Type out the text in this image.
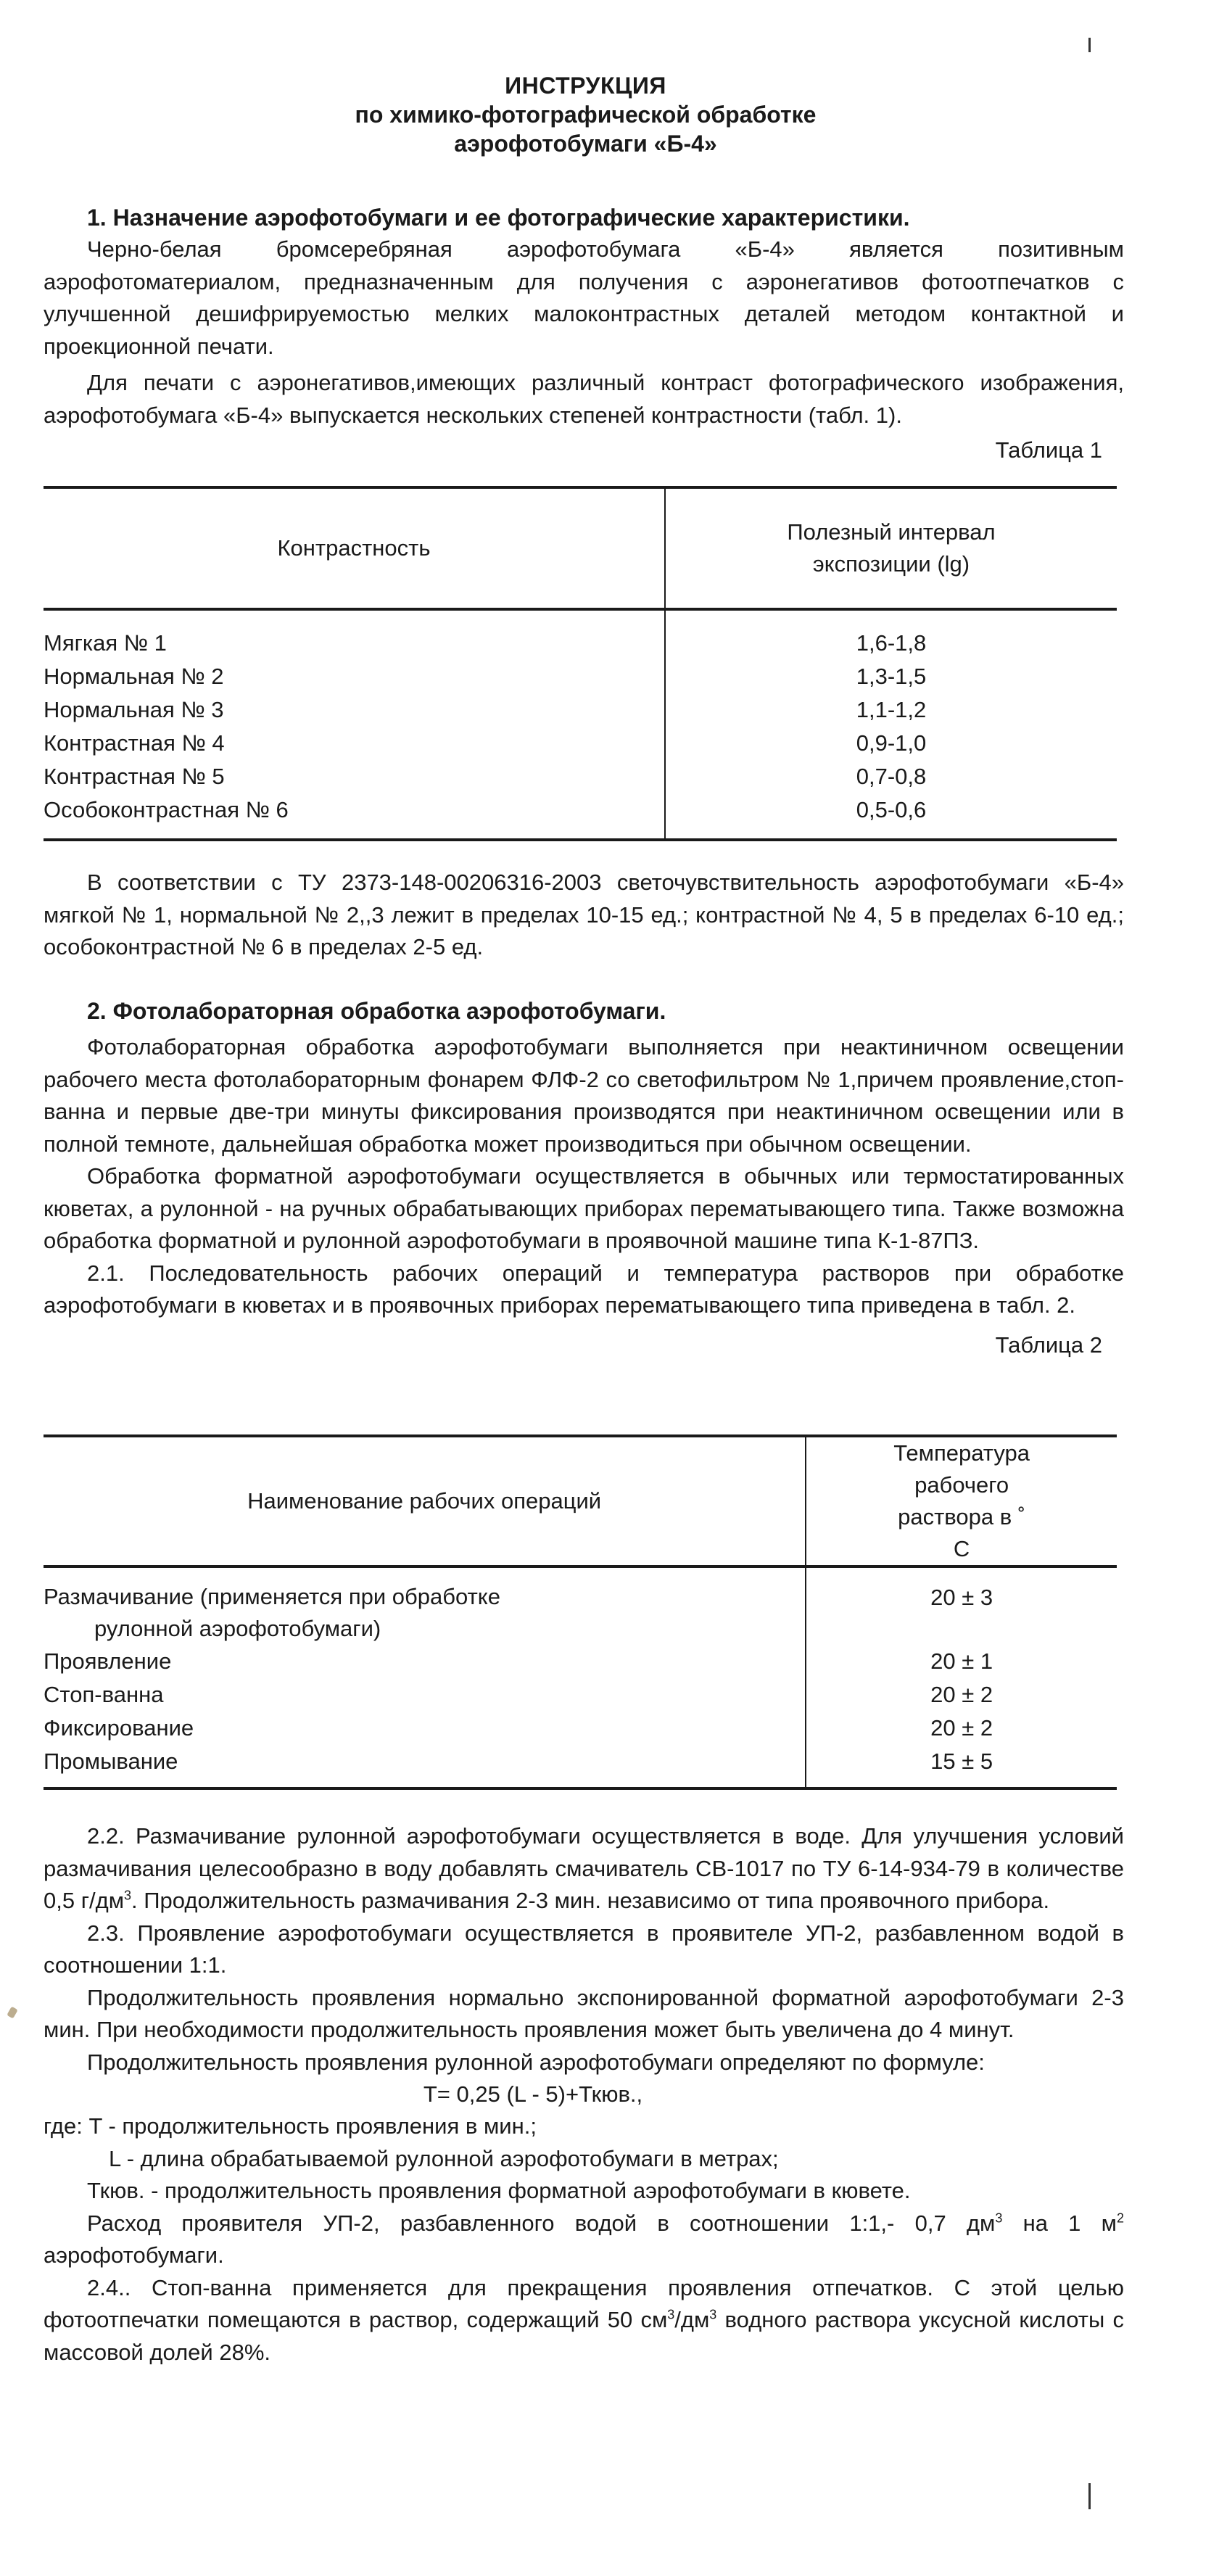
ИНСТРУКЦИЯ
по химико-фотографической обработке
аэрофотобумаги «Б-4»
1. Назначение аэрофотобумаги и ее фотографические характеристики.

Черно-белая бромсеребряная аэрофотобумага «Б-4» является позитивным аэрофотоматериалом, предназначенным для получения с аэронегативов фотоотпечатков с улучшенной дешифрируемостью мелких малоконтрастных деталей методом контактной и проекционной печати.

Для печати с аэронегативов,имеющих различный контраст фотографического изображения, аэрофотобумага «Б-4» выпускается нескольких степеней контрастности (табл. 1).

Таблица 1
Контрастность	Полезный интервал экспозиции (lg)

Мягкая № 1	1,6-1,8
Нормальная № 2	1,3-1,5
Нормальная № 3	1,1-1,2
Контрастная № 4	0,9-1,0
Контрастная № 5	0,7-0,8
Особоконтрастная № 6	0,5-0,6

В соответствии с ТУ 2373-148-00206316-2003 светочувствительность аэрофотобумаги «Б-4» мягкой № 1, нормальной № 2,,3 лежит в пределах 10-15 ед.; контрастной № 4, 5 в пределах 6-10 ед.; особоконтрастной № 6 в пределах 2-5 ед.

2. Фотолабораторная обработка аэрофотобумаги.

Фотолабораторная обработка аэрофотобумаги выполняется при неактиничном освещении рабочего места фотолабораторным фонарем ФЛФ-2 со светофильтром № 1,причем проявление,стоп-ванна и первые две-три минуты фиксирования производятся при неактиничном освещении или в полной темноте, дальнейшая обработка может производиться при обычном освещении.

Обработка форматной аэрофотобумаги осуществляется в обычных или термостатированных кюветах, а рулонной - на ручных обрабатывающих приборах перематывающего типа. Также возможна обработка форматной и рулонной аэрофотобумаги в проявочной машине типа К-1-87ПЗ.

2.1. Последовательность рабочих операций и температура растворов при обработке аэрофотобумаги в кюветах и в проявочных приборах перематывающего типа приведена в табл. 2.

Таблица 2
Наименование рабочих операций	Температура рабочего раствора в ˚ С

Размачивание (применяется при обработке
рулонной аэрофотобумаги)	20 ± 3
Проявление	20 ± 1
Стоп-ванна	20 ± 2
Фиксирование	20 ± 2
Промывание	15 ± 5

2.2. Размачивание рулонной аэрофотобумаги осуществляется в воде. Для улучшения условий размачивания целесообразно в воду добавлять смачиватель СВ-1017 по ТУ 6-14-934-79 в количестве 0,5 $г/дм^3$. Продолжительность размачивания 2-3 мин. независимо от типа проявочного прибора.

2.3. Проявление аэрофотобумаги осуществляется в проявителе УП-2, разбавленном водой в соотношении 1:1.

Продолжительность проявления нормально экспонированной форматной аэрофотобумаги 2-3 мин. При необходимости продолжительность проявления может быть увеличена до 4 минут.

Продолжительность проявления рулонной аэрофотобумаги определяют по формуле:

T= 0,25 (L - 5)+Ткюв.,

где: T - продолжительность проявления в мин.;

L - длина обрабатываемой рулонной аэрофотобумаги в метрах;

Ткюв. - продолжительность проявления форматной аэрофотобумаги в кювете.

Расход проявителя УП-2, разбавленного водой в соотношении 1:1,- 0,7 $дм^3$ на 1 $м^2$ аэрофотобумаги.

2.4.. Стоп-ванна применяется для прекращения проявления отпечатков. С этой целью фотоотпечатки помещаются в раствор, содержащий 50 $см^3/дм^3$ водного раствора уксусной кислоты с массовой долей 28%.
